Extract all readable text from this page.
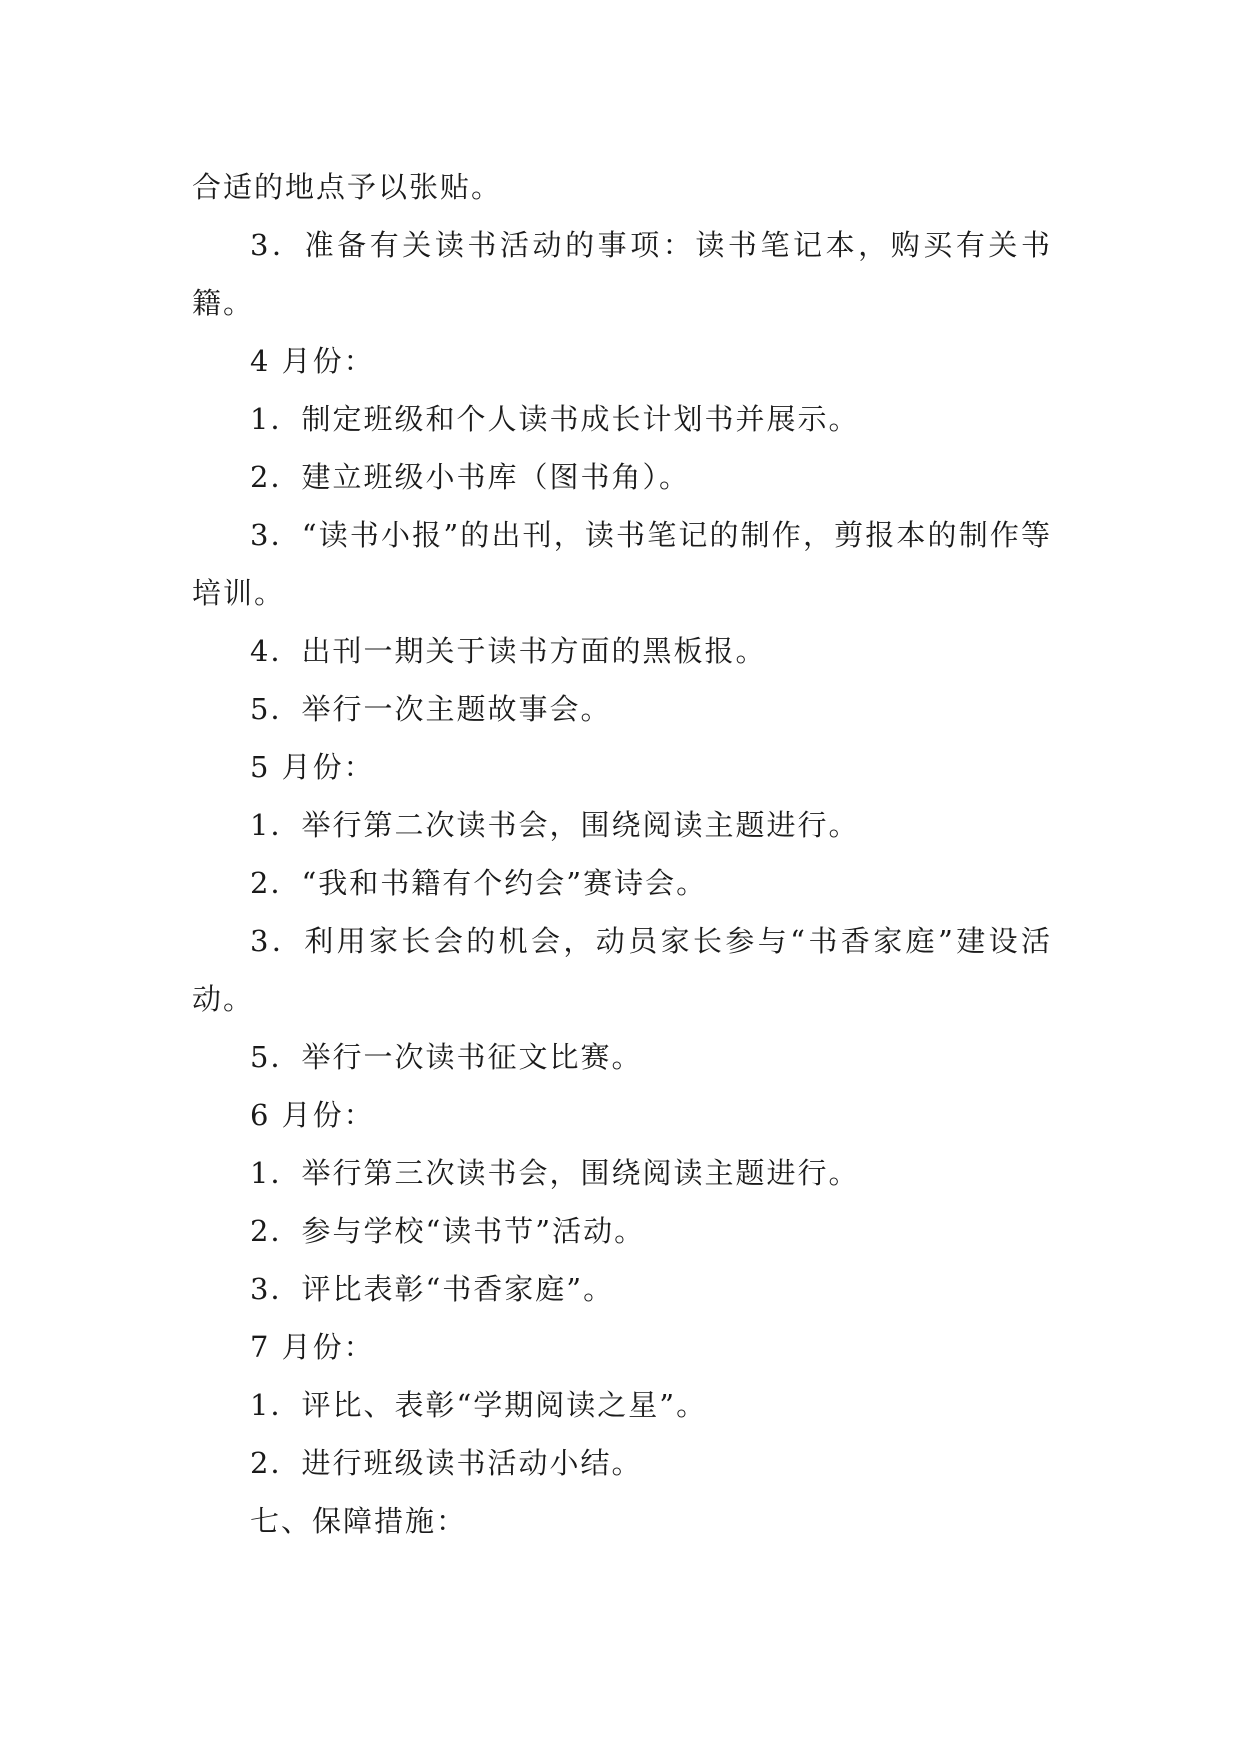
合适的地点予以张贴。

3．准备有关读书活动的事项：读书笔记本，购买有关书籍。

4 月份：

1．制定班级和个人读书成长计划书并展示。

2．建立班级小书库（图书角）。

3．“读书小报”的出刊，读书笔记的制作，剪报本的制作等培训。

4．出刊一期关于读书方面的黑板报。

5．举行一次主题故事会。

5 月份：

1．举行第二次读书会，围绕阅读主题进行。

2．“我和书籍有个约会”赛诗会。

3．利用家长会的机会，动员家长参与“书香家庭”建设活动。

5．举行一次读书征文比赛。

6 月份：

1．举行第三次读书会，围绕阅读主题进行。

2．参与学校“读书节”活动。

3．评比表彰“书香家庭”。

7 月份：

1．评比、表彰“学期阅读之星”。

2．进行班级读书活动小结。

七、保障措施：
